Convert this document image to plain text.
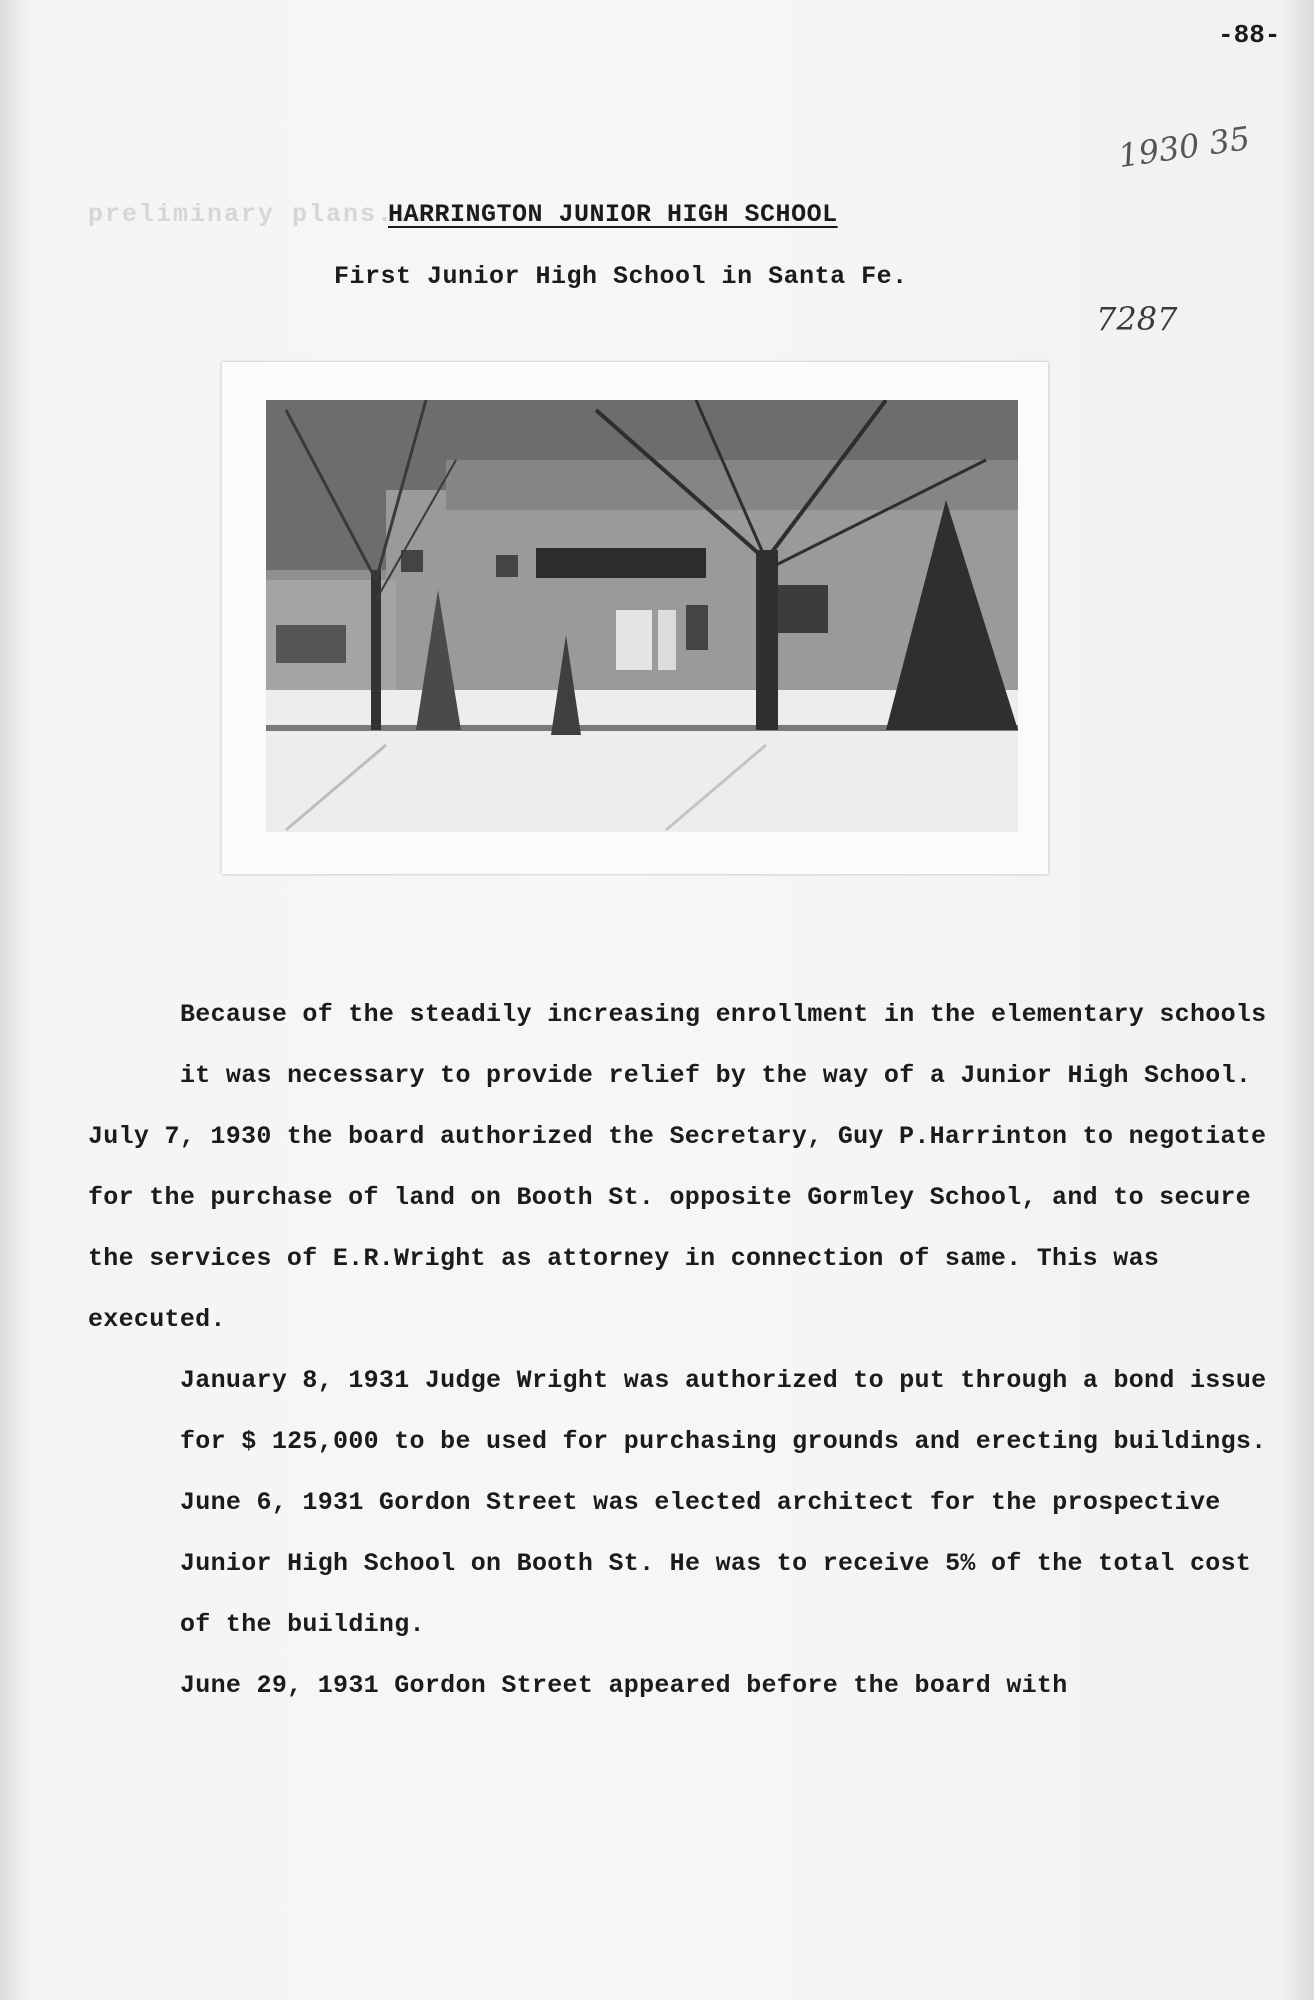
preliminary plans...
-88-
1930 35
7287
HARRINGTON JUNIOR HIGH SCHOOL
First Junior High School in Santa Fe.

Because of the steadily increasing enrollment in the elementary schools it was necessary to provide relief by the way of a Junior High School.

July 7, 1930 the board authorized the Secretary, Guy P.Harrinton to negotiate for the purchase of land on Booth St. opposite Gormley School, and to secure the services of E.R.Wright as attorney in connection of same. This was executed.

January 8, 1931 Judge Wright was authorized to put through a bond issue for $ 125,000 to be used for purchasing grounds and erecting buildings.

June 6, 1931 Gordon Street was elected architect for the prospective Junior High School on Booth St. He was to receive 5% of the total cost of the building.

June 29, 1931 Gordon Street appeared before the board with
